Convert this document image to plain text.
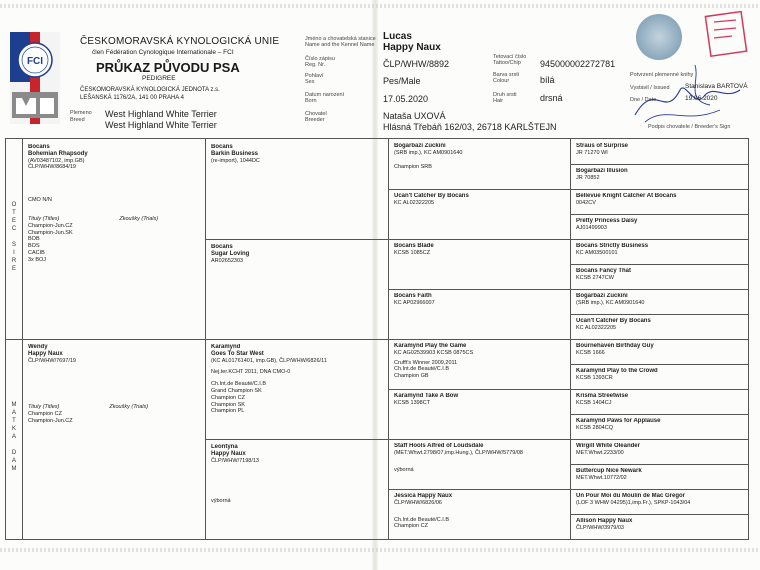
FCI
ČESKOMORAVSKÁ KYNOLOGICKÁ UNIE
člen Fédération Cynologique Internationale – FCI
PRŮKAZ PŮVODU PSA
PEDIGREE
ČESKOMORAVSKÁ KYNOLOGICKÁ JEDNOTA z.s.
LEŠANSKÁ 1176/2A, 141 00 PRAHA 4
Plemeno
Breed
West Highland White Terrier
West Highland White Terrier
Jméno a chovatelská stanice
Name and the Kennel Name
Číslo zápisu
Reg. Nr.
Pohlaví
Sex
Datum narození
Born
Chovatel
Breeder
Lucas
Happy Naux
ČLP/WHW/8892
Pes/Male
17.05.2020
Nataša UXOVÁ
Hlásná Třebáň 162/03, 26718 KARLŠTEJN
Tetovací číslo
Tattoo/Chip
Barva srsti
Colour
Druh srsti
Hair
945000002272781
bílá
drsná
Potvrzení plemenné knihy
Vystavil / Issued
Dne / Date
Stanislava BARTOVÁ
19.06.2020
Podpis chovatele / Breeder's Sign
O
T
E
C
S
I
R
E
M
A
T
K
A
D
A
M
Bocans
Bohemian Rhapsody
(AV03487102, imp.GB)
ČLP/WHW/8684/19
CMO N/N
Tituly (Titles)	Zkoušky (Trials)
Champion-Jun.CZ
Champion-Jun.SK
BOB
BOS
CACIB
3x BOJ
Wendy
Happy Naux
ČLP/WHW/7697/19
Tituly (Titles)	Zkoušky (Trials)
Champion CZ
Champion-Jun.CZ
Bocans
Barkin Business
(re-import), 1044DC
Bocans
Sugar Loving
AR02652303
Karamynd
Goes To Star West
(KC AL01761401, imp.GB), ČLP/WHW/6826/11
Nej.ter.KCHT 2011, DNA CMO-0
Ch.Int.de Beauté/C.I.B
Grand Champion SK
Champion CZ
Champion SK
Champion PL
Leontyna
Happy Naux
ČLP/WHW/7198/13
výborná
Bogarbazi Zuckini
(SRB imp.), KC AM0901640
Champion SRB
Ucan't Catcher By Bocans
KC AL02322205
Bocans Blade
KCSB 1085CZ
Bocans Faith
KC AP02966007
Karamynd Play the Game
KC AG02539903 KCSB 0875CS
Crufft's Winner 2009,2011
Ch.Int.de Beauté/C.I.B
Champion GB
Karamynd Take A Bow
KCSB 1398CT
Staff Hools Alfred of Loudsdale
(MET.Whwt.2798/07,imp.Hung.), ČLP/WHW/5779/08
výborná
Jessica Happy Naux
ČLP/WHW/6826/06
Ch.Int.de Beauté/C.I.B
Champion CZ
Straus of Surprise
JR 71270 WI
Bogarbazi Illusion
JR 70852
Bellevue Knight Catcher At Bocans
0042CV
Pretty Princess Daisy
AJ01499903
Bocans Strictly Business
KC AM03500101
Bocans Fancy That
KCSB 2747CW
Bogarbazi Zuckini
(SRB imp.), KC AM0901640
Ucan't Catcher By Bocans
KC AL02322205
Bournehaven Birthday Guy
KCSB 1666
Karamynd Play to the Crowd
KCSB 1393CR
Krisma Streetwise
KCSB 1404CJ
Karamynd Paws for Applause
KCSB 2804CQ
Wirgill White Oleander
MET.Whwt.2233/00
Buttercup Nice Newark
MET.Whwt.10772/02
Un Pour Moi du Moulin de Mac Gregor
(LOF 3 WHW 04295)1,imp.Fr.), SPKP-1043/04
Allison Happy Naux
ČLP/WHW/3979/03
